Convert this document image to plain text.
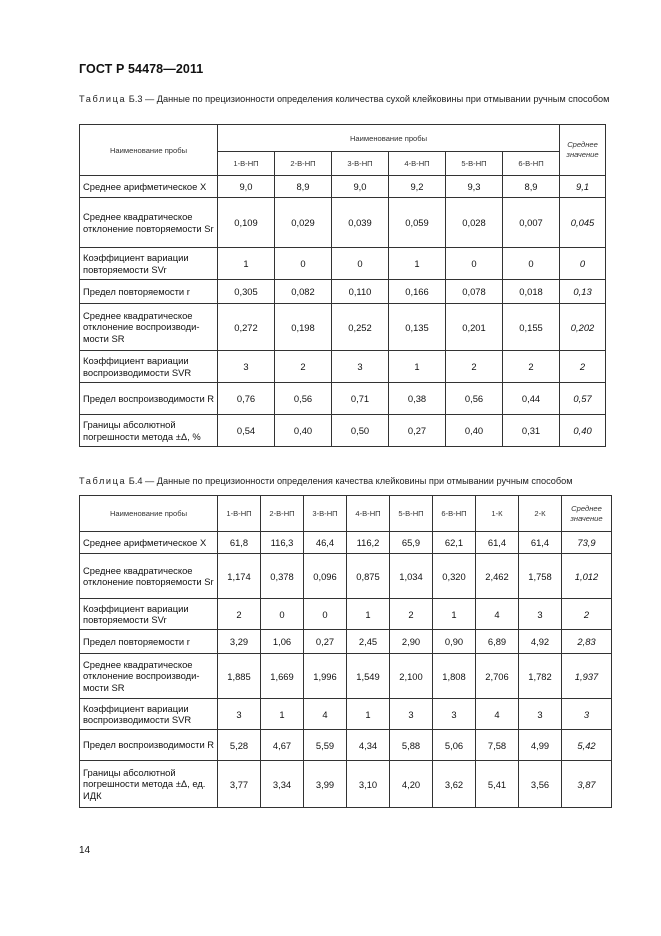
ГОСТ Р 54478—2011
Таблица Б.3 — Данные по прецизионности определения количества сухой клейковины при отмывании ручным способом
Наименование пробы	Наименование пробы						Среднее значение
	1-В-НП	2-В-НП	3-В-НП	4-В-НП	5-В-НП	6-В-НП	
Среднее арифметическое X	9,0	8,9	9,0	9,2	9,3	8,9	9,1
Среднее квадратическое отклонение повторяемости Sr	0,109	0,029	0,039	0,059	0,028	0,007	0,045
Коэффициент вариации повторяемости SVr	1	0	0	1	0	0	0
Предел повторяемости r	0,305	0,082	0,110	0,166	0,078	0,018	0,13
Среднее квадратическое отклонение воспроизводи-мости SR	0,272	0,198	0,252	0,135	0,201	0,155	0,202
Коэффициент вариации воспроизводимости SVR	3	2	3	1	2	2	2
Предел воспроизводимости R	0,76	0,56	0,71	0,38	0,56	0,44	0,57
Границы абсолютной погрешности метода ±Δ, %	0,54	0,40	0,50	0,27	0,40	0,31	0,40
Таблица Б.4 — Данные по прецизионности определения качества клейковины при отмывании ручным способом
Наименование пробы	1-В-НП	2-В-НП	3-В-НП	4-В-НП	5-В-НП	6-В-НП	1-К	2-К	Среднее значение
Среднее арифметическое X	61,8	116,3	46,4	116,2	65,9	62,1	61,4	61,4	73,9
Среднее квадратическое отклонение повторяемости Sr	1,174	0,378	0,096	0,875	1,034	0,320	2,462	1,758	1,012
Коэффициент вариации повторяемости SVr	2	0	0	1	2	1	4	3	2
Предел повторяемости r	3,29	1,06	0,27	2,45	2,90	0,90	6,89	4,92	2,83
Среднее квадратическое отклонение воспроизводи-мости SR	1,885	1,669	1,996	1,549	2,100	1,808	2,706	1,782	1,937
Коэффициент вариации воспроизводимости SVR	3	1	4	1	3	3	4	3	3
Предел воспроизводимости R	5,28	4,67	5,59	4,34	5,88	5,06	7,58	4,99	5,42
Границы абсолютной погрешности метода ±Δ, ед. ИДК	3,77	3,34	3,99	3,10	4,20	3,62	5,41	3,56	3,87
14
